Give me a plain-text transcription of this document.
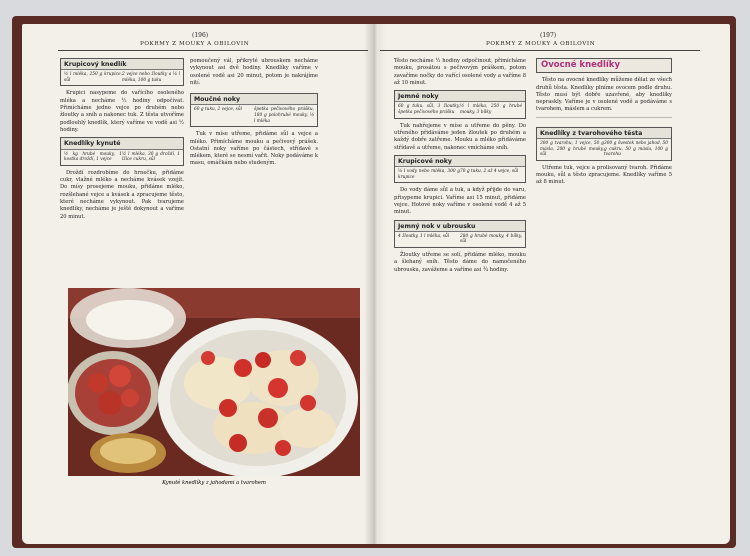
(196)
POKRMY Z MOUKY A OBILOVIN
Krupicový knedlík
½ l mléka, 250 g krupice, sůl
2 vejce nebo žloutky a ¼ l mléka, 100 g tuku

Krupici nasypeme do vařícího osoleného mléka a necháme ½ hodiny odpočívat. Přimícháme jedno vejce po druhém nebo žloutky a sníh a nakonec tuk. Z těsta utvoříme podlouhlý knedlík, který vaříme ve vodě asi ½ hodiny.

Knedlíky kynuté
½ kg hrubé mouky, 1 kostka droždí, 1 vejce
½ l mléka, 30 g droždí, 1 lžíce cukru, sůl

Droždí rozdrobíme do hrnečku, přidáme cukr, vlažné mléko a necháme kvásek vzejít. Do mísy prosejeme mouku, přidáme mléko, rozšlehané vejce a kvásek a zpracujeme těsto, které necháme vykynout. Pak tvarujeme knedlíky, necháme je ještě dokynout a vaříme 20 minut.

pomoučený vál, přikryté ubrouskem necháme vykynout asi dvě hodiny. Knedlíky vaříme v osolené vodě asi 20 minut, potom je nakrájíme nití.

Moučné noky
60 g tuku, 2 vejce, sůl	špetka pečivového prášku, 180 g polohrubé mouky, ⅛ l mléka

Tuk v míse utřeme, přidáme sůl a vejce a mléko. Přimícháme mouku a pečivový prášek. Ostatní noky vaříme po částech, střídavě s mlékem, které se nesmí vařit. Noky podáváme k masu, omáčkám nebo studeným.

Kynuté knedlíky z jahodami a tvarohem
(197)
POKRMY Z MOUKY A OBILOVIN

Těsto necháme ½ hodiny odpočinout, přimícháme mouku, prosátou s pečivovým práškem, potom zavaříme nočky do vařící osolené vody a vaříme 8 až 10 minut.

Jemné noky
60 g tuku, sůl, 3 žloutky, špetka pečivového prášku
½ l mléka, 250 g hrubé mouky, 3 bílky

Tuk nahřejeme v míse a utřeme do pěny. Do utřeného přidáváme jeden žloutek po druhém a každý dobře zatřeme. Mouku a mléko přidáváme střídavě a utřeme, nakonec vmícháme sníh.

Krupicové noky
¼ l vody nebo mléka, 300 g krupice
70 g tuku, 2 až 4 vejce, sůl

Do vody dáme sůl a tuk, a když přijde do varu, přisypeme krupici. Vaříme asi 15 minut, přidáme vejce. Hotové noky vaříme v osolené vodě 4 až 5 minut.

Jemný nok v ubrousku
4 žloutky, 1 l mléka, sůl	280 g hrubé mouky, 4 bílky, sůl

Žloutky utřeme se solí, přidáme mléko, mouku a šlehaný sníh. Těsto dáme do namočeného ubrousku, zavážeme a vaříme asi ¾ hodiny.

Ovocné knedlíky

Těsto na ovocné knedlíky můžeme dělat ze všech druhů těsta. Knedlíky plníme ovocem podle druhu. Těsto musí být dobře uzavřené, aby knedlíky nepraskly. Vaříme je v osolené vodě a podáváme s tvarohem, máslem a cukrem.

Knedlíky z tvarohového těsta
300 g tvarohu, 1 vejce, 50 g másla, 200 g hrubé mouky, sůl
300 g švestek nebo jahod, 50 g cukru, 50 g másla, 100 g tvarohu

Utřeme tuk, vejce a prolisovaný tvaroh. Přidáme mouku, sůl a těsto zpracujeme. Knedlíky vaříme 5 až 8 minut.
